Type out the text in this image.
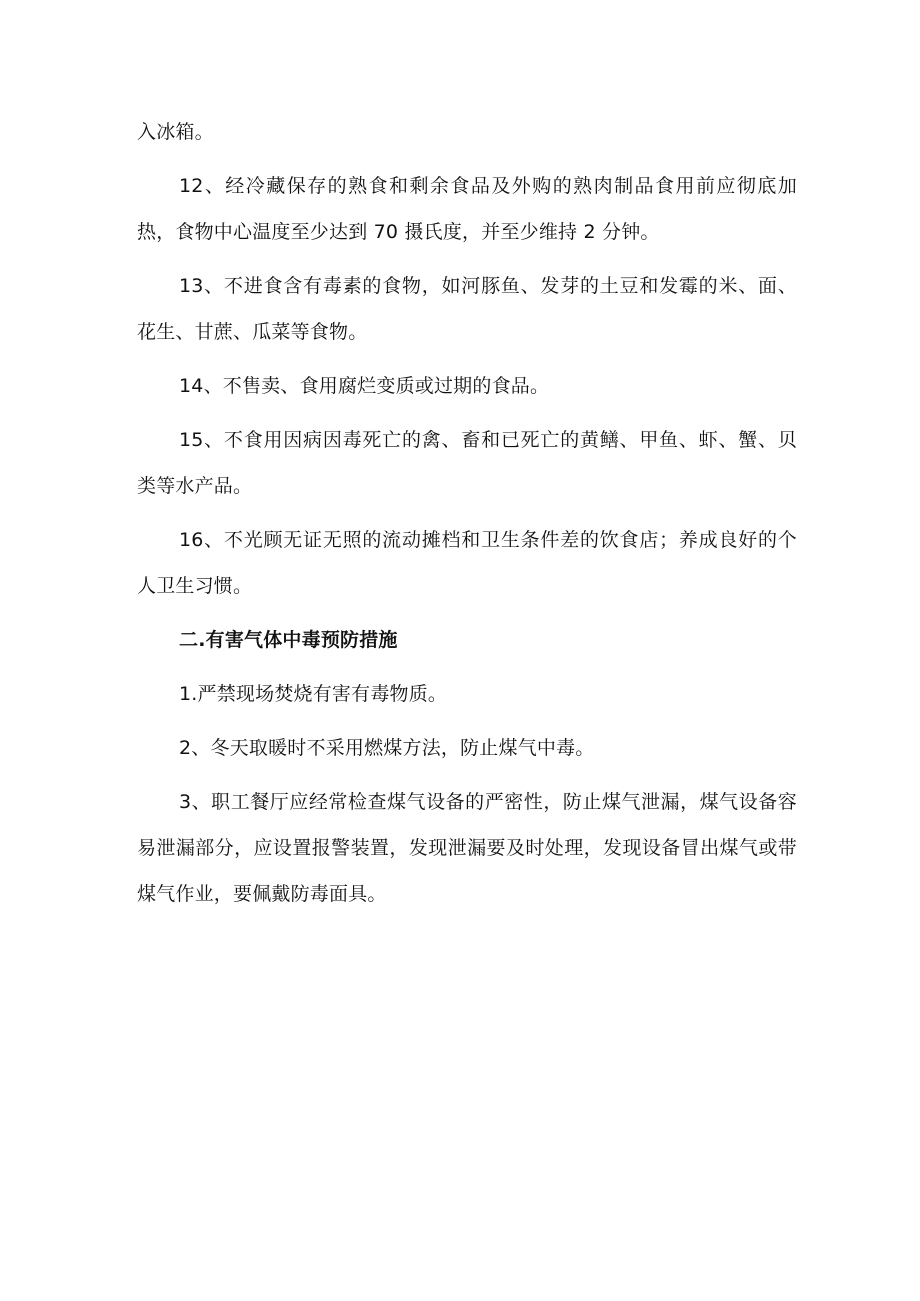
入冰箱。

12、经冷藏保存的熟食和剩余食品及外购的熟肉制品食用前应彻底加热，食物中心温度至少达到 70 摄氏度，并至少维持 2 分钟。

13、不进食含有毒素的食物，如河豚鱼、发芽的土豆和发霉的米、面、花生、甘蔗、瓜菜等食物。

14、不售卖、食用腐烂变质或过期的食品。

15、不食用因病因毒死亡的禽、畜和已死亡的黄鳝、甲鱼、虾、蟹、贝类等水产品。

16、不光顾无证无照的流动摊档和卫生条件差的饮食店；养成良好的个人卫生习惯。

二.有害气体中毒预防措施

1.严禁现场焚烧有害有毒物质。

2、冬天取暖时不采用燃煤方法，防止煤气中毒。

3、职工餐厅应经常检查煤气设备的严密性，防止煤气泄漏，煤气设备容易泄漏部分，应设置报警装置，发现泄漏要及时处理，发现设备冒出煤气或带煤气作业，要佩戴防毒面具。
